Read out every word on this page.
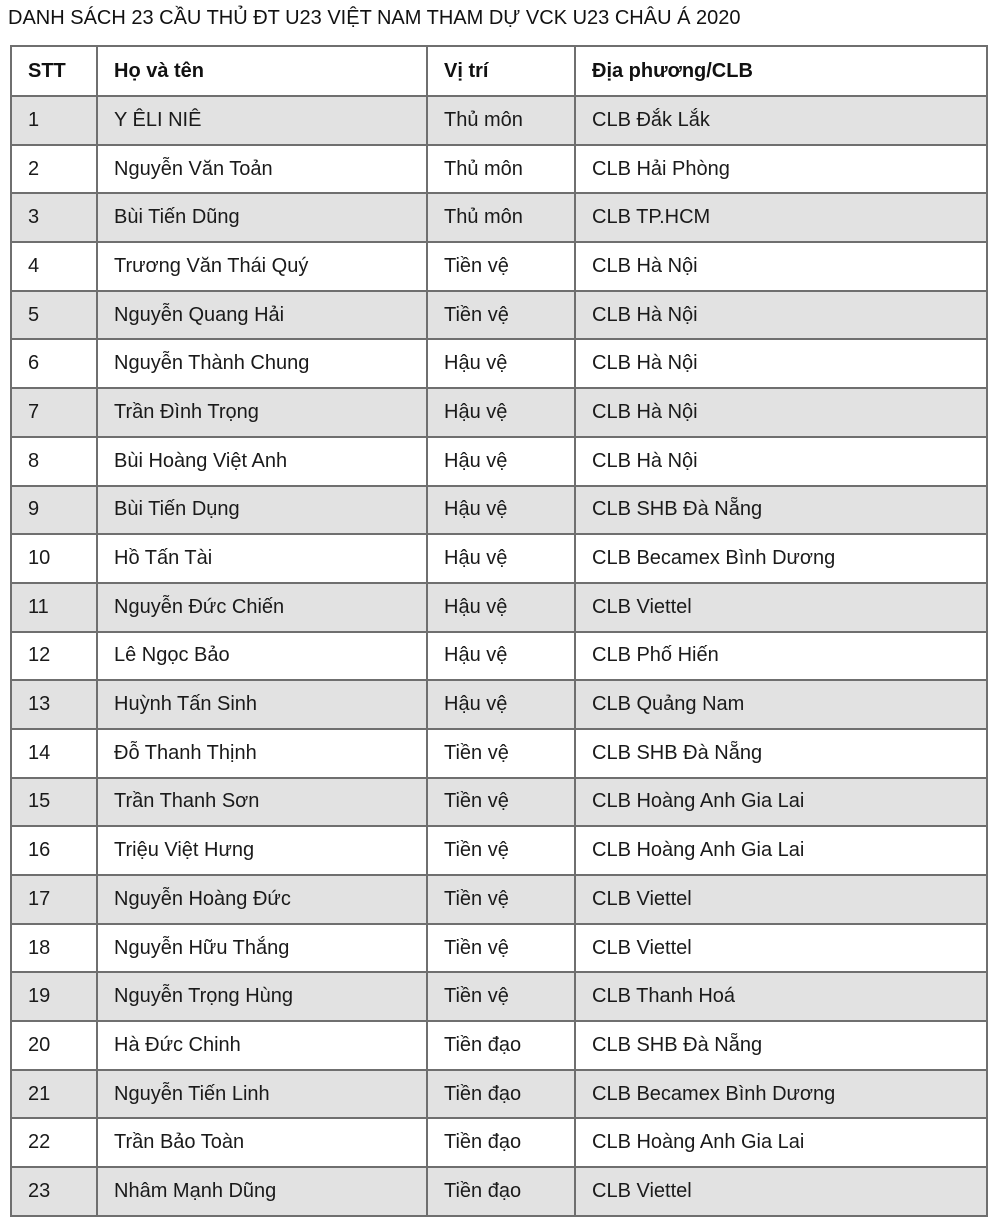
DANH SÁCH 23 CẦU THỦ ĐT U23 VIỆT NAM THAM DỰ VCK U23 CHÂU Á 2020
STT	Họ và tên	Vị trí	Địa phương/CLB
1	Y ÊLI NIÊ	Thủ môn	CLB Đắk Lắk
2	Nguyễn Văn Toản	Thủ môn	CLB Hải Phòng
3	Bùi Tiến Dũng	Thủ môn	CLB TP.HCM
4	Trương Văn Thái Quý	Tiền vệ	CLB Hà Nội
5	Nguyễn Quang Hải	Tiền vệ	CLB Hà Nội
6	Nguyễn Thành Chung	Hậu vệ	CLB Hà Nội
7	Trần Đình Trọng	Hậu vệ	CLB Hà Nội
8	Bùi Hoàng Việt Anh	Hậu vệ	CLB Hà Nội
9	Bùi Tiến Dụng	Hậu vệ	CLB SHB Đà Nẵng
10	Hồ Tấn Tài	Hậu vệ	CLB Becamex Bình Dương
11	Nguyễn Đức Chiến	Hậu vệ	CLB Viettel
12	Lê Ngọc Bảo	Hậu vệ	CLB Phố Hiến
13	Huỳnh Tấn Sinh	Hậu vệ	CLB Quảng Nam
14	Đỗ Thanh Thịnh	Tiền vệ	CLB SHB Đà Nẵng
15	Trần Thanh Sơn	Tiền vệ	CLB Hoàng Anh Gia Lai
16	Triệu Việt Hưng	Tiền vệ	CLB Hoàng Anh Gia Lai
17	Nguyễn Hoàng Đức	Tiền vệ	CLB Viettel
18	Nguyễn Hữu Thắng	Tiền vệ	CLB Viettel
19	Nguyễn Trọng Hùng	Tiền vệ	CLB Thanh Hoá
20	Hà Đức Chinh	Tiền đạo	CLB SHB Đà Nẵng
21	Nguyễn Tiến Linh	Tiền đạo	CLB Becamex Bình Dương
22	Trần Bảo Toàn	Tiền đạo	CLB Hoàng Anh Gia Lai
23	Nhâm Mạnh Dũng	Tiền đạo	CLB Viettel
